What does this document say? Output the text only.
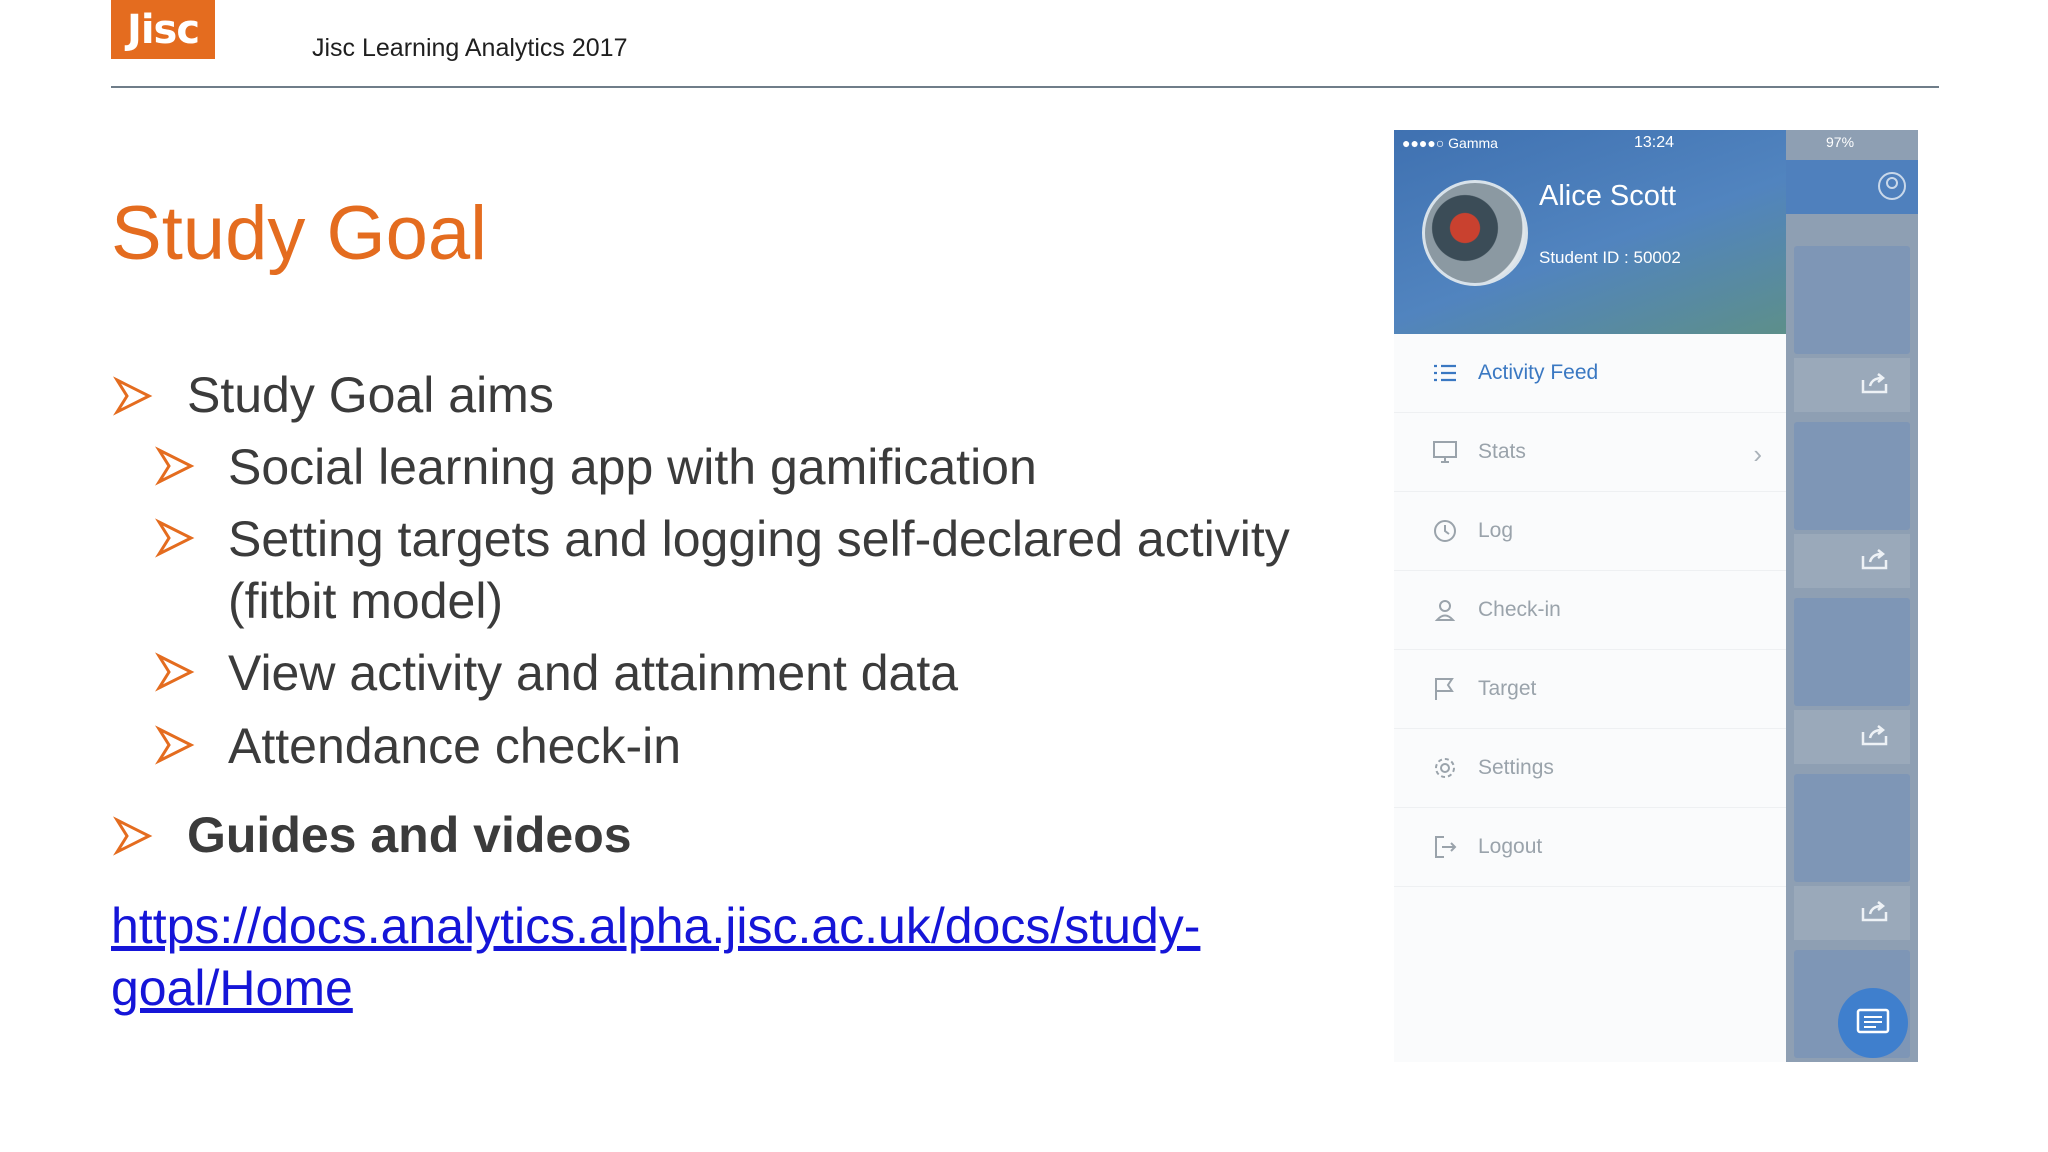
Jisc	Jisc Learning Analytics 2017
Study Goal
Study Goal aims
Social learning app with gamification
Setting targets and logging self-declared activity (fitbit model)
View activity and attainment data
Attendance check-in
Guides and videos
https://docs.analytics.alpha.jisc.ac.uk/docs/study-goal/Home
Alice Scott
Student ID : 50002
●●●●○ Gamma	13:24	97%
Activity Feed
Stats	›
Log
Check-in
Target
Settings
Logout
